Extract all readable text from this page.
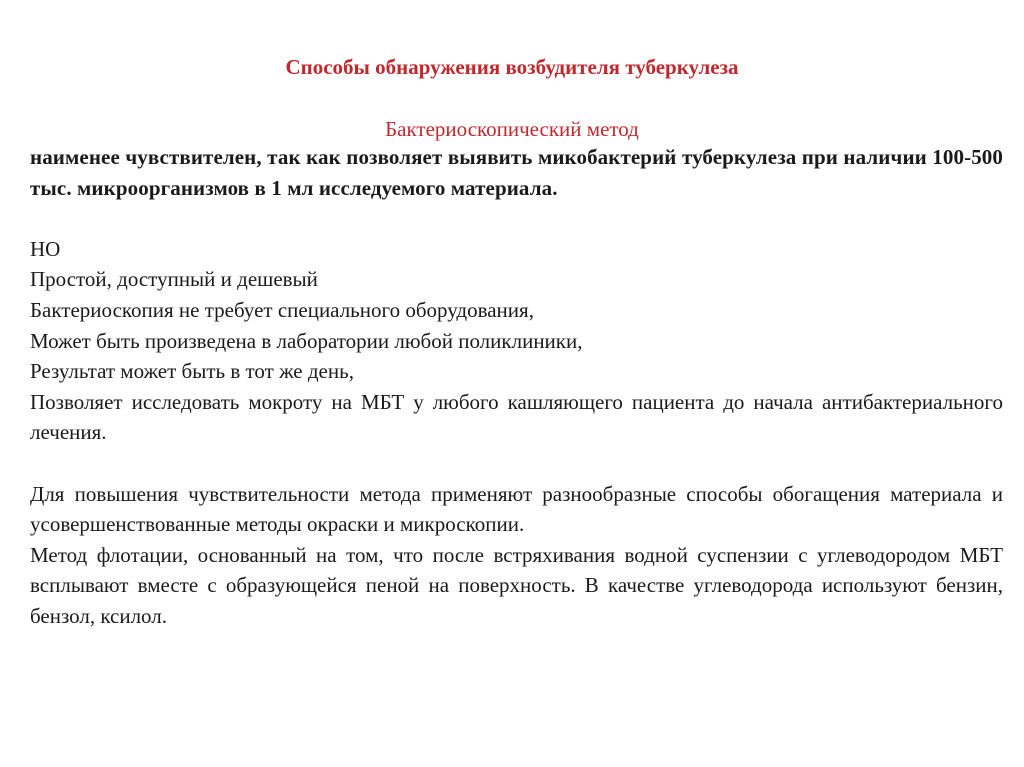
Способы обнаружения возбудителя туберкулеза
Бактериоскопический метод

наименее чувствителен, так как позволяет выявить микобактерий туберкулеза при наличии 100-500 тыс. микроорганизмов в 1 мл исследуемого материала.

НО

Простой, доступный и дешевый

Бактериоскопия не требует специального оборудования,

Может быть произведена в лаборатории любой поликлиники,

Результат может быть в тот же день,

Позволяет исследовать мокроту на МБТ у любого кашляющего пациента до начала антибактериального лечения.

Для повышения чувствительности метода применяют разнообразные способы обогащения материала и усовершенствованные методы окраски и микроскопии.

Метод флотации, основанный на том, что после встряхивания водной суспензии с углеводородом МБТ всплывают вместе с образующейся пеной на поверхность. В качестве углеводорода используют бензин, бензол, ксилол.
